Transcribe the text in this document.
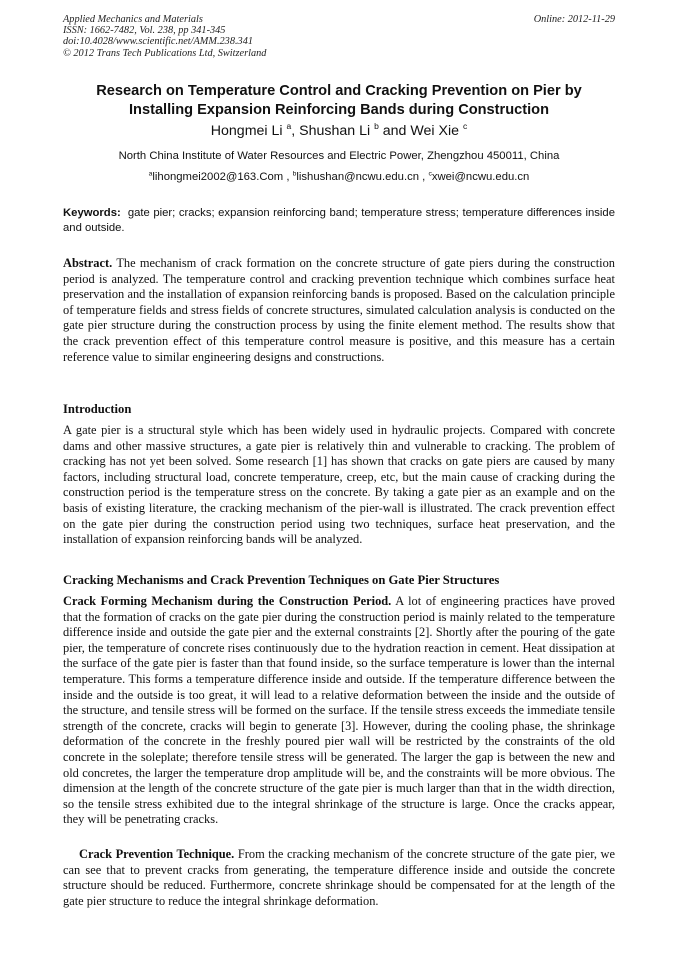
Applied Mechanics and Materials
ISSN: 1662-7482, Vol. 238, pp 341-345
doi:10.4028/www.scientific.net/AMM.238.341
© 2012 Trans Tech Publications Ltd, Switzerland
Online: 2012-11-29
Research on Temperature Control and Cracking Prevention on Pier by
Installing Expansion Reinforcing Bands during Construction
Hongmei Li $^a$, Shushan Li $^b$ and Wei Xie $^c$
North China Institute of Water Resources and Electric Power, Zhengzhou 450011, China
$^a$lihongmei2002@163.Com , $^b$lishushan@ncwu.edu.cn , $^c$xwei@ncwu.edu.cn
Keywords: gate pier; cracks; expansion reinforcing band; temperature stress; temperature differences inside and outside.
Abstract. The mechanism of crack formation on the concrete structure of gate piers during the construction period is analyzed. The temperature control and cracking prevention technique which combines surface heat preservation and the installation of expansion reinforcing bands is proposed. Based on the calculation principle of temperature fields and stress fields of concrete structures, simulated calculation analysis is conducted on the gate pier structure during the construction process by using the finite element method. The results show that the crack prevention effect of this temperature control measure is positive, and this measure has a certain reference value to similar engineering designs and constructions.
Introduction
A gate pier is a structural style which has been widely used in hydraulic projects. Compared with concrete dams and other massive structures, a gate pier is relatively thin and vulnerable to cracking. The problem of cracking has not yet been solved. Some research [1] has shown that cracks on gate piers are caused by many factors, including structural load, concrete temperature, creep, etc, but the main cause of cracking during the construction period is the temperature stress on the concrete. By taking a gate pier as an example and on the basis of existing literature, the cracking mechanism of the pier-wall is illustrated. The crack prevention effect on the gate pier during the construction period using two techniques, surface heat preservation, and the installation of expansion reinforcing bands will be analyzed.
Cracking Mechanisms and Crack Prevention Techniques on Gate Pier Structures
Crack Forming Mechanism during the Construction Period. A lot of engineering practices have proved that the formation of cracks on the gate pier during the construction period is mainly related to the temperature difference inside and outside the gate pier and the external constraints [2]. Shortly after the pouring of the gate pier, the temperature of concrete rises continuously due to the hydration reaction in cement. Heat dissipation at the surface of the gate pier is faster than that found inside, so the surface temperature is lower than the internal temperature. This forms a temperature difference inside and outside. If the temperature difference between the inside and the outside is too great, it will lead to a relative deformation between the inside and the outside of the structure, and tensile stress will be formed on the surface. If the tensile stress exceeds the immediate tensile strength of the concrete, cracks will begin to generate [3]. However, during the cooling phase, the shrinkage deformation of the concrete in the freshly poured pier wall will be restricted by the constraints of the old concrete in the soleplate; therefore tensile stress will be generated. The larger the gap is between the new and old concretes, the larger the temperature drop amplitude will be, and the constraints will be more obvious. The dimension at the length of the concrete structure of the gate pier is much larger than that in the width direction, so the tensile stress exhibited due to the integral shrinkage of the structure is large. Once the cracks appear, they will be penetrating cracks.
Crack Prevention Technique. From the cracking mechanism of the concrete structure of the gate pier, we can see that to prevent cracks from generating, the temperature difference inside and outside the concrete structure should be reduced. Furthermore, concrete shrinkage should be compensated for at the length of the gate pier structure to reduce the integral shrinkage deformation.
